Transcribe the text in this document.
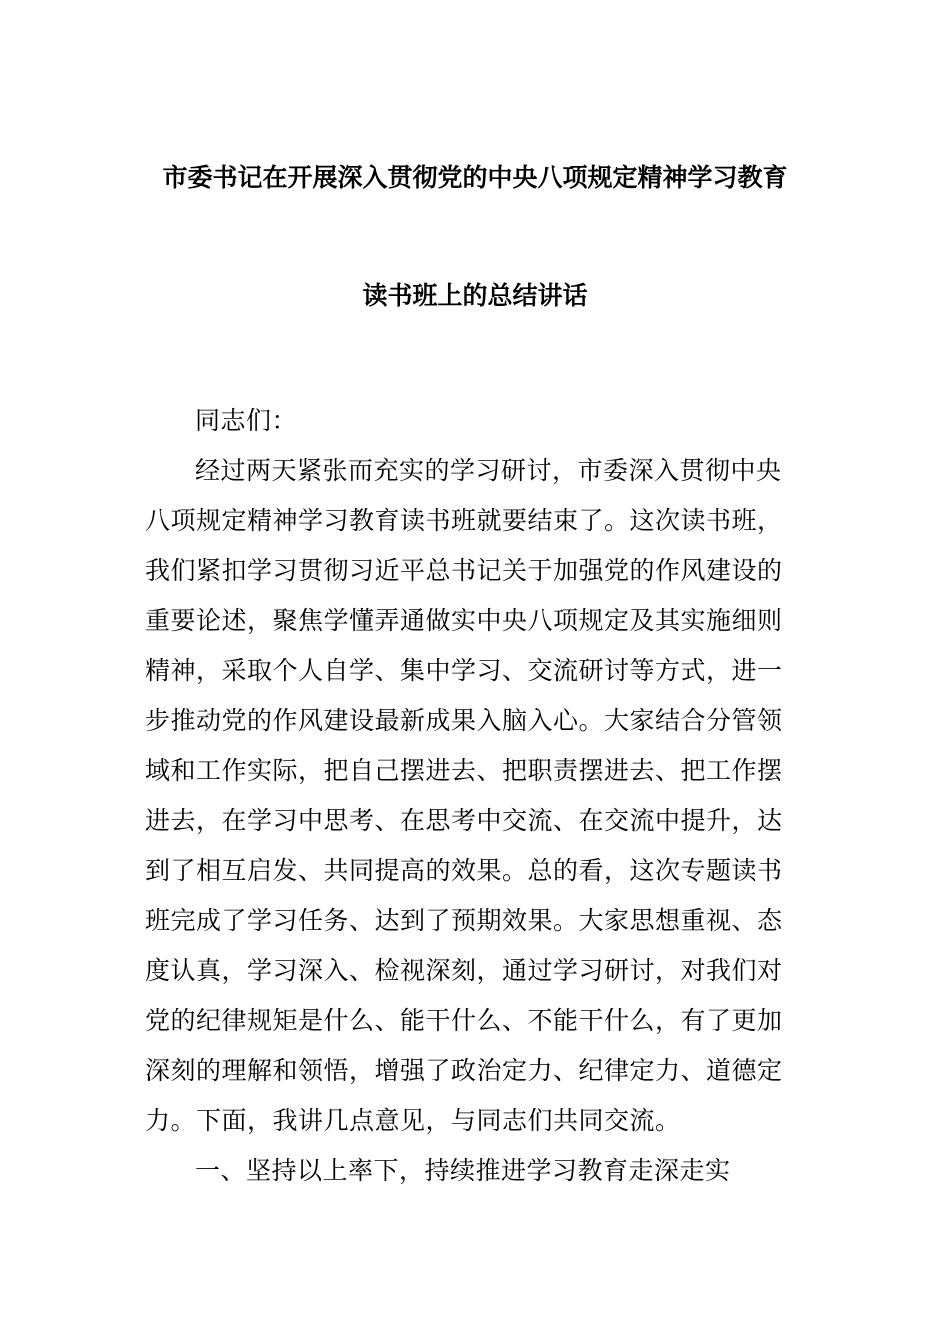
市委书记在开展深入贯彻党的中央八项规定精神学习教育
读书班上的总结讲话
同志们：
经过两天紧张而充实的学习研讨，市委深入贯彻中央
八项规定精神学习教育读书班就要结束了。这次读书班，
我们紧扣学习贯彻习近平总书记关于加强党的作风建设的
重要论述，聚焦学懂弄通做实中央八项规定及其实施细则
精神，采取个人自学、集中学习、交流研讨等方式，进一
步推动党的作风建设最新成果入脑入心。大家结合分管领
域和工作实际，把自己摆进去、把职责摆进去、把工作摆
进去，在学习中思考、在思考中交流、在交流中提升，达
到了相互启发、共同提高的效果。总的看，这次专题读书
班完成了学习任务、达到了预期效果。大家思想重视、态
度认真，学习深入、检视深刻，通过学习研讨，对我们对
党的纪律规矩是什么、能干什么、不能干什么，有了更加
深刻的理解和领悟，增强了政治定力、纪律定力、道德定
力。下面，我讲几点意见，与同志们共同交流。
一、坚持以上率下，持续推进学习教育走深走实
